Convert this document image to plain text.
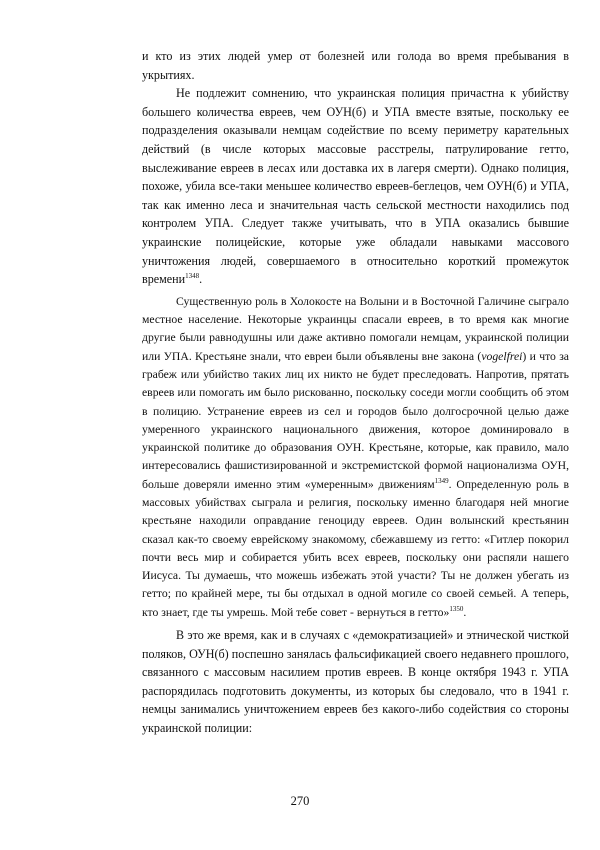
и кто из этих людей умер от болезней или голода во время пребывания в укрытиях.

Не подлежит сомнению, что украинская полиция причастна к убийству большего количества евреев, чем ОУН(б) и УПА вместе взятые, поскольку ее подразделения оказывали немцам содействие по всему периметру карательных действий (в числе которых массовые расстрелы, патрулирование гетто, выслеживание евреев в лесах или доставка их в лагеря смерти). Однако полиция, похоже, убила все-таки меньшее количество евреев-беглецов, чем ОУН(б) и УПА, так как именно леса и значительная часть сельской местности находились под контролем УПА. Следует также учитывать, что в УПА оказались бывшие украинские полицейские, которые уже обладали навыками массового уничтожения людей, совершаемого в относительно короткий промежуток времени$^{1348}$.

Существенную роль в Холокосте на Волыни и в Восточной Галичине сыграло местное население. Некоторые украинцы спасали евреев, в то время как многие другие были равнодушны или даже активно помогали немцам, украинской полиции или УПА. Крестьяне знали, что евреи были объявлены вне закона (vogelfrei) и что за грабеж или убийство таких лиц их никто не будет преследовать. Напротив, прятать евреев или помогать им было рискованно, поскольку соседи могли сообщить об этом в полицию. Устранение евреев из сел и городов было долгосрочной целью даже умеренного украинского национального движения, которое доминировало в украинской политике до образования ОУН. Крестьяне, которые, как правило, мало интересовались фашистизированной и экстремистской формой национализма ОУН, больше доверяли именно этим «умеренным» движениям$^{1349}$. Определенную роль в массовых убийствах сыграла и религия, поскольку именно благодаря ней многие крестьяне находили оправдание геноциду евреев. Один волынский крестьянин сказал как-то своему еврейскому знакомому, сбежавшему из гетто: «Гитлер покорил почти весь мир и собирается убить всех евреев, поскольку они распяли нашего Иисуса. Ты думаешь, что можешь избежать этой участи? Ты не должен убегать из гетто; по крайней мере, ты бы отдыхал в одной могиле со своей семьей. А теперь, кто знает, где ты умрешь. Мой тебе совет - вернуться в гетто»$^{1350}$.

В это же время, как и в случаях с «демократизацией» и этнической чисткой поляков, ОУН(б) поспешно занялась фальсификацией своего недавнего прошлого, связанного с массовым насилием против евреев. В конце октября 1943 г. УПА распорядилась подготовить документы, из которых бы следовало, что в 1941 г. немцы занимались уничтожением евреев без какого-либо содействия со стороны украинской полиции:

270
